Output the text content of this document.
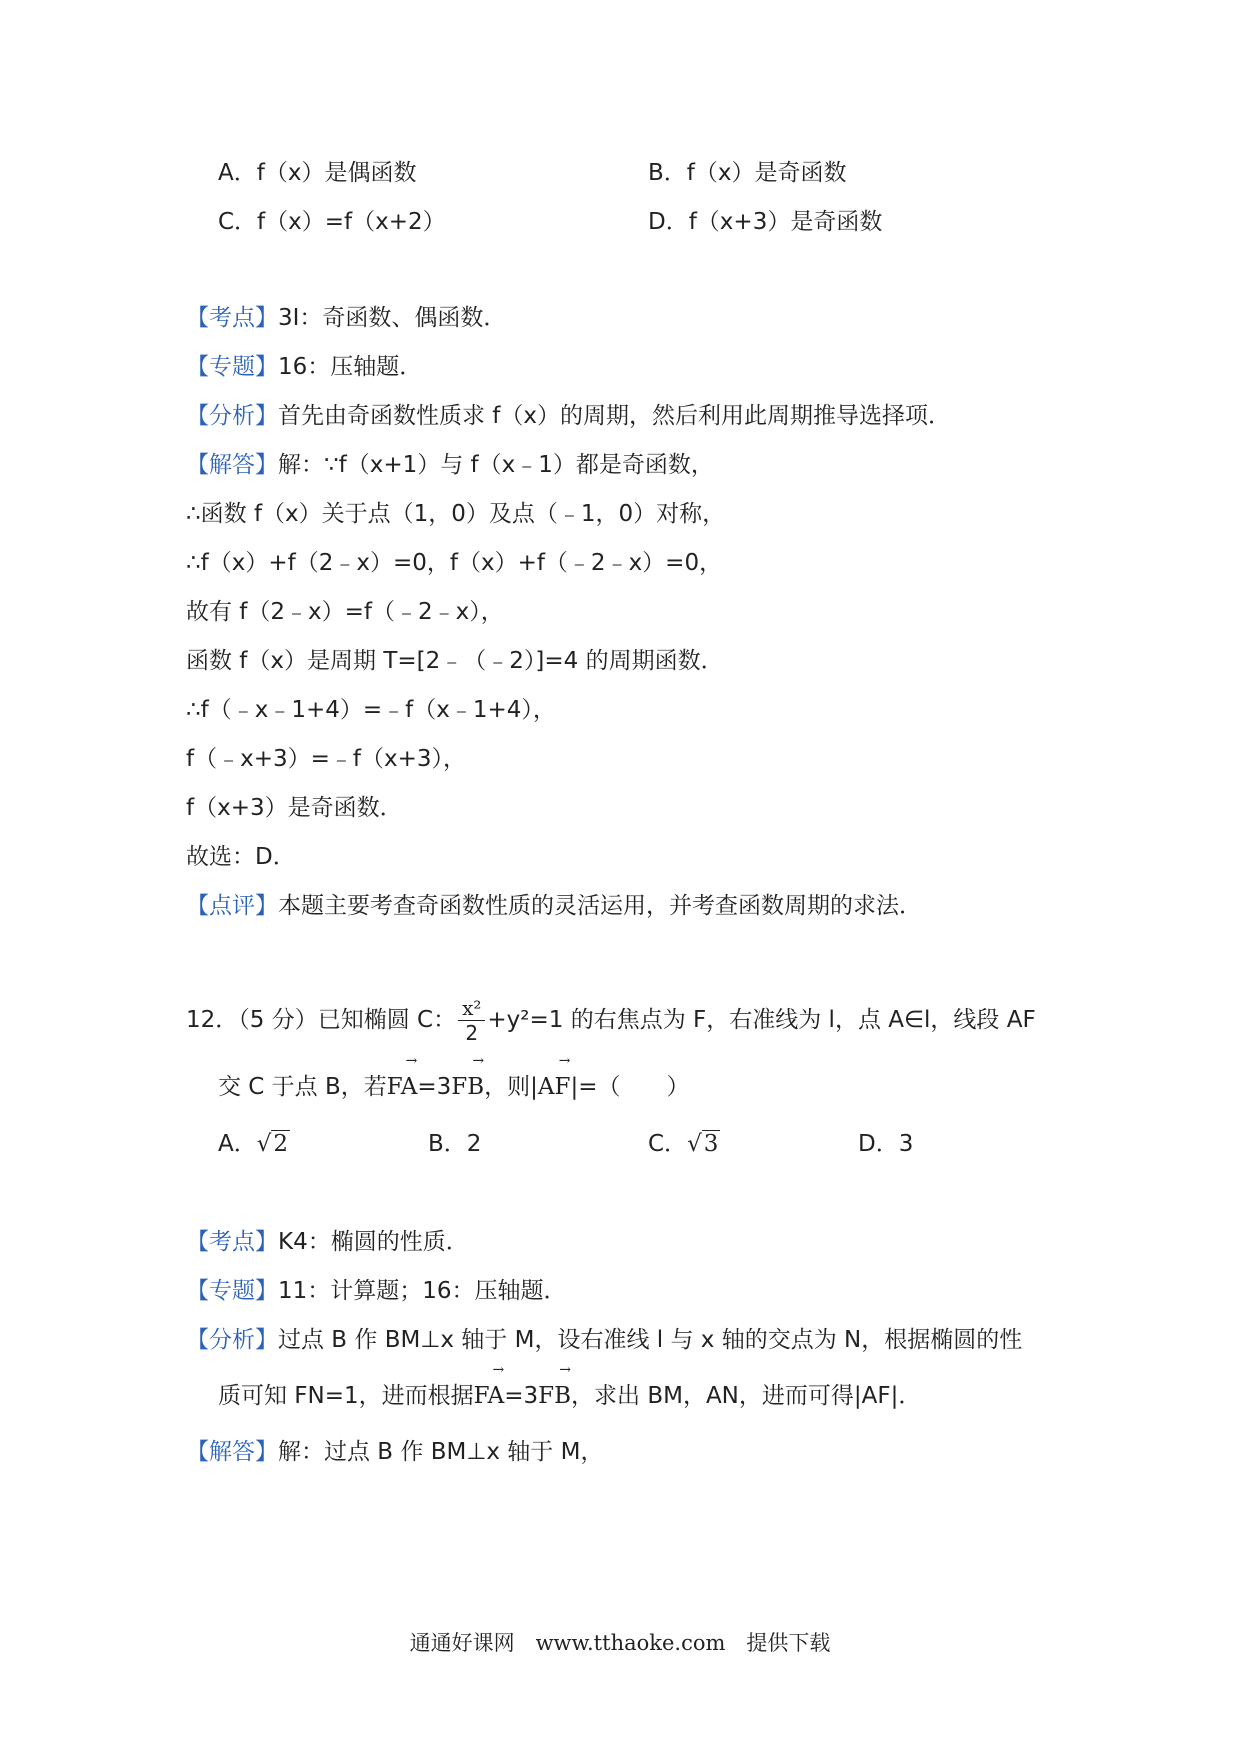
A．f（x）是偶函数	B．f（x）是奇函数
C．f（x）=f（x+2）	D．f（x+3）是奇函数
【考点】3I：奇函数、偶函数．
【专题】16：压轴题．
【分析】首先由奇函数性质求 f（x）的周期，然后利用此周期推导选择项．
【解答】解：∵f（x+1）与 f（x﹣1）都是奇函数，
∴函数 f（x）关于点（1，0）及点（﹣1，0）对称，
∴f（x）+f（2﹣x）=0，f（x）+f（﹣2﹣x）=0，
故有 f（2﹣x）=f（﹣2﹣x），
函数 f（x）是周期 T=[2﹣（﹣2）]=4 的周期函数．
∴f（﹣x﹣1+4）=﹣f（x﹣1+4），
f（﹣x+3）=﹣f（x+3），
f（x+3）是奇函数．
故选：D．
【点评】本题主要考查奇函数性质的灵活运用，并考查函数周期的求法．
12．（5 分）已知椭圆 C： $\frac{\text{x²}}{2} +y^2=1$ 的右焦点为 F，右准线为 l，点 A∈l，线段 AF
交 C 于点 B，若FA →=3FB →，则|AF →|=（　　）
A．√2	B．2	C．√3	D．3
【考点】K4：椭圆的性质．
【专题】11：计算题；16：压轴题．
【分析】过点 B 作 BM⊥x 轴于 M，设右准线 l 与 x 轴的交点为 N，根据椭圆的性
质可知 FN=1，进而根据FA →=3FB →，求出 BM，AN，进而可得|AF|．
【解答】解：过点 B 作 BM⊥x 轴于 M，
通通好课网　www.tthaoke.com　提供下载
